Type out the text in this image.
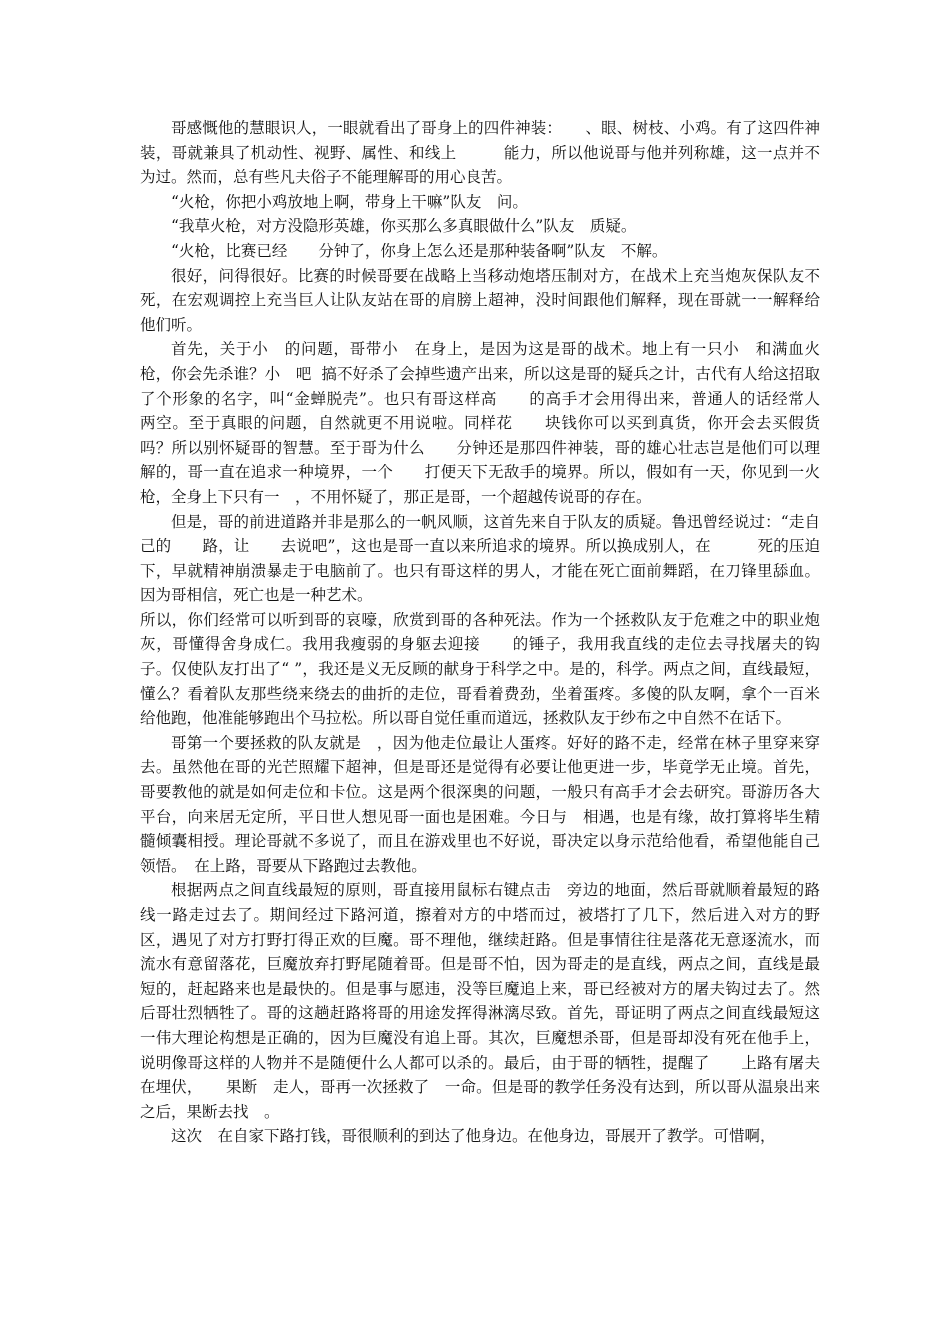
哥感慨他的慧眼识人，一眼就看出了哥身上的四件神装：　　、眼、树枝、小鸡。有了这四件神装，哥就兼具了机动性、视野、属性、和线上　　　能力，所以他说哥与他并列称雄，这一点并不为过。然而，总有些凡夫俗子不能理解哥的用心良苦。

“火枪，你把小鸡放地上啊，带身上干嘛”队友　问。

“我草火枪，对方没隐形英雄，你买那么多真眼做什么”队友　质疑。

“火枪，比赛已经　　分钟了，你身上怎么还是那种装备啊”队友　不解。

很好，问得很好。比赛的时候哥要在战略上当移动炮塔压制对方，在战术上充当炮灰保队友不死，在宏观调控上充当巨人让队友站在哥的肩膀上超神，没时间跟他们解释，现在哥就一一解释给他们听。

首先，关于小　的问题，哥带小　在身上，是因为这是哥的战术。地上有一只小　和满血火枪，你会先杀谁？小　吧  搞不好杀了会掉些遗产出来，所以这是哥的疑兵之计，古代有人给这招取了个形象的名字，叫“金蝉脱壳”。也只有哥这样高　　的高手才会用得出来，普通人的话经常人　两空。至于真眼的问题，自然就更不用说啦。同样花　　块钱你可以买到真货，你开会去买假货吗？所以别怀疑哥的智慧。至于哥为什么　　分钟还是那四件神装，哥的雄心壮志岂是他们可以理解的，哥一直在追求一种境界，一个　　打便天下无敌手的境界。所以，假如有一天，你见到一火枪，全身上下只有一　，不用怀疑了，那正是哥，一个超越传说哥的存在。

但是，哥的前进道路并非是那么的一帆风顺，这首先来自于队友的质疑。鲁迅曾经说过：“走自己的　　路，让　　去说吧”，这也是哥一直以来所追求的境界。所以换成别人，在　　　死的压迫下，早就精神崩溃暴走于电脑前了。也只有哥这样的男人，才能在死亡面前舞蹈，在刀锋里舔血。因为哥相信，死亡也是一种艺术。

所以，你们经常可以听到哥的哀嚎，欣赏到哥的各种死法。作为一个拯救队友于危难之中的职业炮灰，哥懂得舍身成仁。我用我瘦弱的身躯去迎接　　的锤子，我用我直线的走位去寻找屠夫的钩子。仅使队友打出了“ ”，我还是义无反顾的献身于科学之中。是的，科学。两点之间，直线最短，懂么？看着队友那些绕来绕去的曲折的走位，哥看着费劲，坐着蛋疼。多傻的队友啊，拿个一百米给他跑，他准能够跑出个马拉松。所以哥自觉任重而道远，拯救队友于纱布之中自然不在话下。

哥第一个要拯救的队友就是　，因为他走位最让人蛋疼。好好的路不走，经常在林子里穿来穿去。虽然他在哥的光芒照耀下超神，但是哥还是觉得有必要让他更进一步，毕竟学无止境。首先，哥要教他的就是如何走位和卡位。这是两个很深奥的问题，一般只有高手才会去研究。哥游历各大平台，向来居无定所，平日世人想见哥一面也是困难。今日与　相遇，也是有缘，故打算将毕生精髓倾囊相授。理论哥就不多说了，而且在游戏里也不好说，哥决定以身示范给他看，希望他能自己领悟。　在上路，哥要从下路跑过去教他。

根据两点之间直线最短的原则，哥直接用鼠标右键点击　旁边的地面，然后哥就顺着最短的路线一路走过去了。期间经过下路河道，擦着对方的中塔而过，被塔打了几下，然后进入对方的野区，遇见了对方打野打得正欢的巨魔。哥不理他，继续赶路。但是事情往往是落花无意逐流水，而流水有意留落花，巨魔放弃打野尾随着哥。但是哥不怕，因为哥走的是直线，两点之间，直线是最短的，赶起路来也是最快的。但是事与愿违，没等巨魔追上来，哥已经被对方的屠夫钩过去了。然后哥壮烈牺牲了。哥的这趟赶路将哥的用途发挥得淋漓尽致。首先，哥证明了两点之间直线最短这一伟大理论构想是正确的，因为巨魔没有追上哥。其次，巨魔想杀哥，但是哥却没有死在他手上，说明像哥这样的人物并不是随便什么人都可以杀的。最后，由于哥的牺牲，提醒了　　上路有屠夫在埋伏，　　果断　走人，哥再一次拯救了　一命。但是哥的教学任务没有达到，所以哥从温泉出来之后，果断去找　。

这次　在自家下路打钱，哥很顺利的到达了他身边。在他身边，哥展开了教学。可惜啊，
